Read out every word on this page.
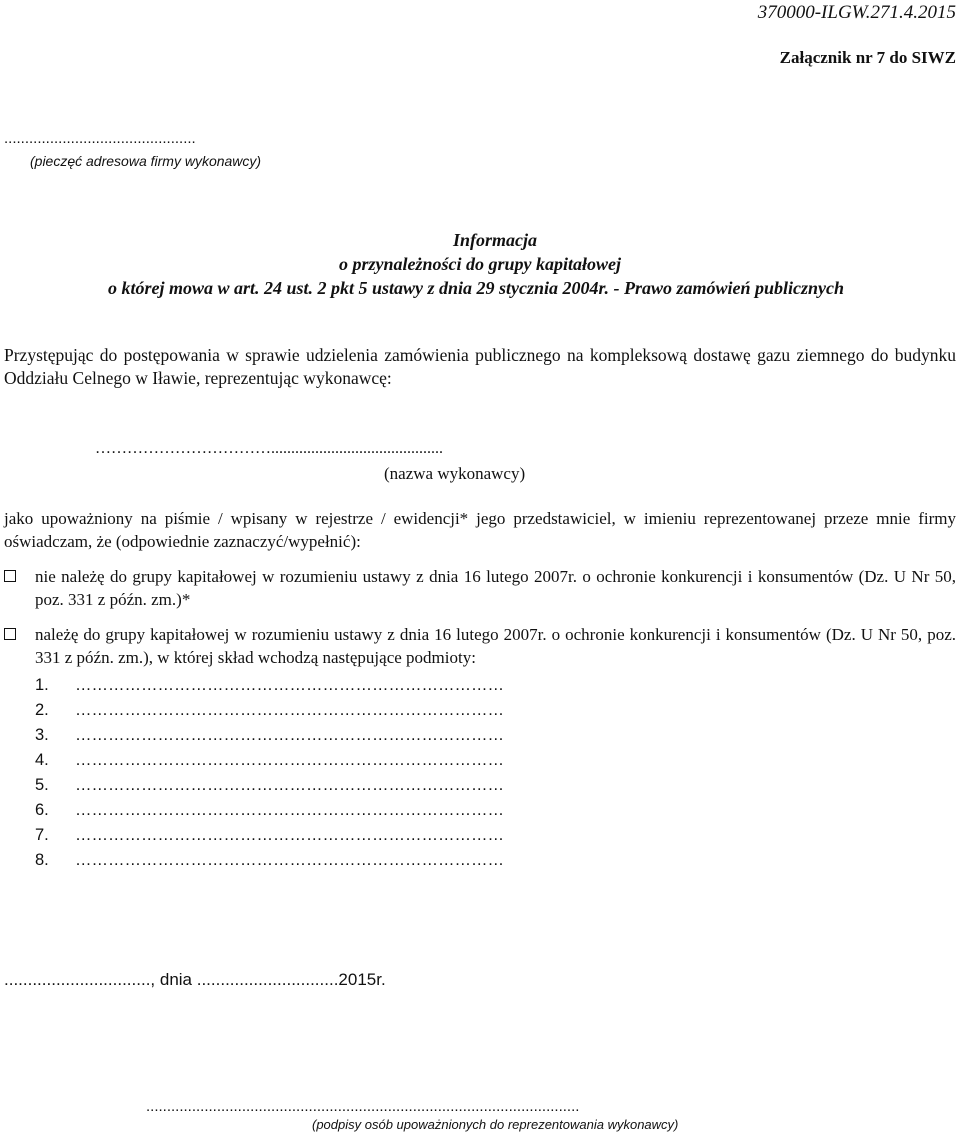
370000-ILGW.271.4.2015
Załącznik nr 7 do SIWZ
..............................................
(pieczęć adresowa firmy wykonawcy)
Informacja
o przynależności do grupy kapitałowej
o której mowa w art. 24 ust. 2 pkt 5 ustawy z dnia 29 stycznia 2004r. - Prawo zamówień publicznych
Przystępując do postępowania w sprawie udzielenia zamówienia publicznego na kompleksową dostawę gazu ziemnego do budynku Oddziału Celnego w Iławie, reprezentując wykonawcę:
……………………………...........................................
(nazwa wykonawcy)
jako upoważniony na piśmie / wpisany w rejestrze / ewidencji* jego przedstawiciel, w imieniu reprezentowanej przeze mnie firmy oświadczam, że (odpowiednie zaznaczyć/wypełnić):
nie należę do grupy kapitałowej w rozumieniu ustawy z dnia 16 lutego 2007r. o ochronie konkurencji i konsumentów (Dz. U Nr 50, poz. 331 z późn. zm.)*
należę do grupy kapitałowej w rozumieniu ustawy z dnia 16 lutego 2007r. o ochronie konkurencji i konsumentów (Dz. U Nr 50, poz. 331 z późn. zm.), w której skład wchodzą następujące podmioty:
1. ……………………………………………………………………
2. ……………………………………………………………………
3. ……………………………………………………………………
4. ……………………………………………………………………
5. ……………………………………………………………………
6. ……………………………………………………………………
7. ……………………………………………………………………
8. ……………………………………………………………………
..............................., dnia ..............................2015r.
........................................................................................................
(podpisy osób upoważnionych do reprezentowania wykonawcy)
